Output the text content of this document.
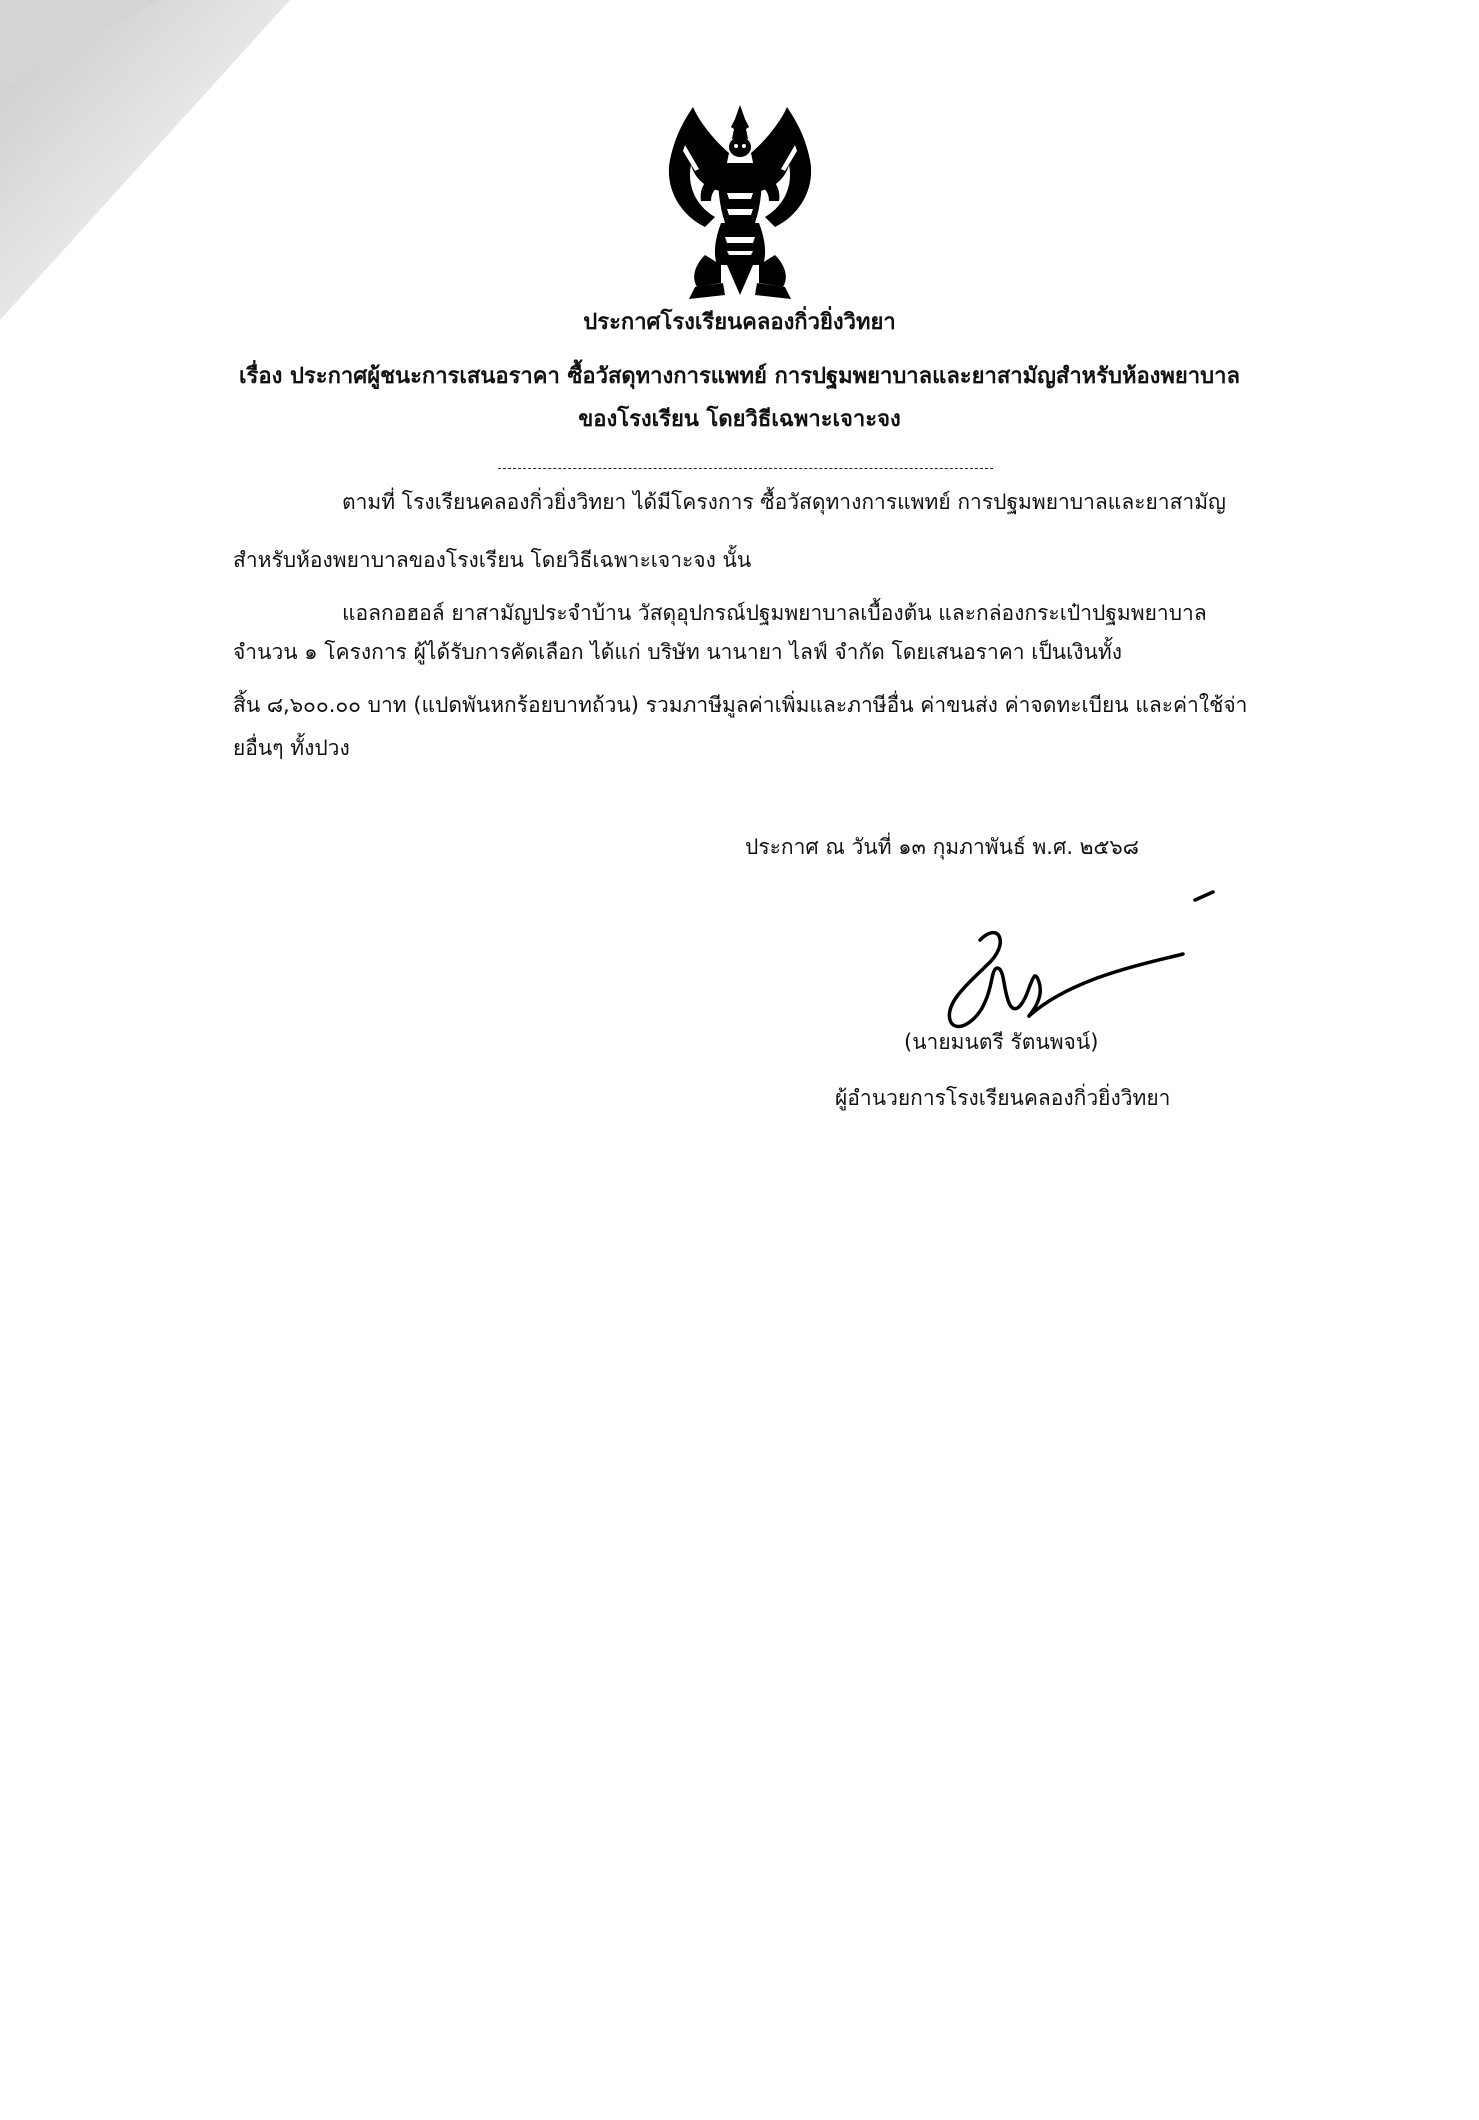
ประกาศโรงเรียนคลองกิ่วยิ่งวิทยา
เรื่อง ประกาศผู้ชนะการเสนอราคา ซื้อวัสดุทางการแพทย์ การปฐมพยาบาลและยาสามัญสำหรับห้องพยาบาล
ของโรงเรียน โดยวิธีเฉพาะเจาะจง
ตามที่ โรงเรียนคลองกิ่วยิ่งวิทยา ได้มีโครงการ ซื้อวัสดุทางการแพทย์ การปฐมพยาบาลและยาสามัญ
สำหรับห้องพยาบาลของโรงเรียน โดยวิธีเฉพาะเจาะจง นั้น
แอลกอฮอล์ ยาสามัญประจำบ้าน วัสดุอุปกรณ์ปฐมพยาบาลเบื้องต้น และกล่องกระเป๋าปฐมพยาบาล
จำนวน ๑ โครงการ ผู้ได้รับการคัดเลือก ได้แก่ บริษัท นานายา ไลฟ์ จำกัด โดยเสนอราคา เป็นเงินทั้ง
สิ้น ๘,๖๐๐.๐๐ บาท (แปดพันหกร้อยบาทถ้วน) รวมภาษีมูลค่าเพิ่มและภาษีอื่น ค่าขนส่ง ค่าจดทะเบียน และค่าใช้จ่า
ยอื่นๆ ทั้งปวง
ประกาศ ณ วันที่ ๑๓ กุมภาพันธ์ พ.ศ. ๒๕๖๘
(นายมนตรี รัตนพจน์)
ผู้อำนวยการโรงเรียนคลองกิ่วยิ่งวิทยา
